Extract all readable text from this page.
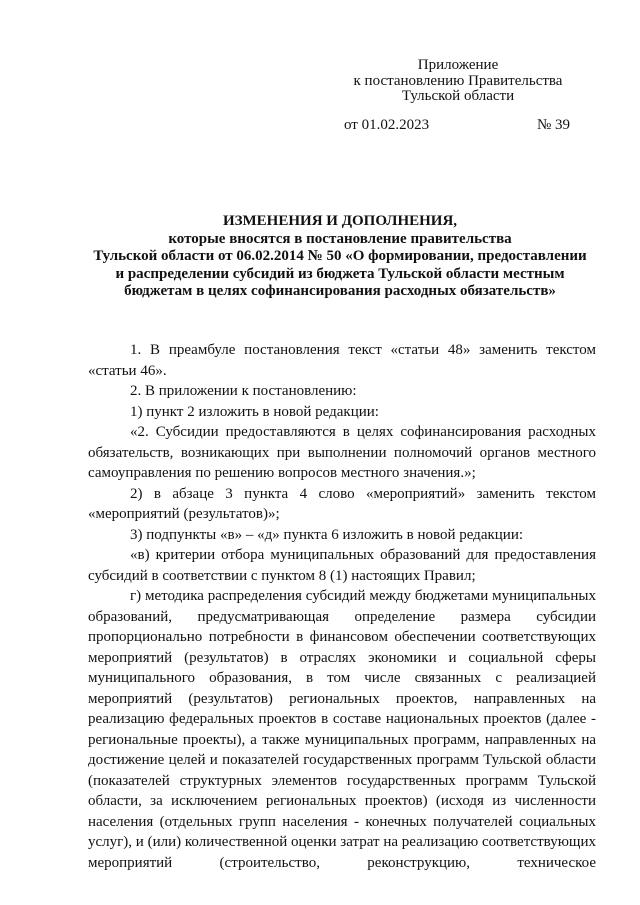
Приложение
к постановлению Правительства
Тульской области
от 01.02.2023	№ 39
ИЗМЕНЕНИЯ И ДОПОЛНЕНИЯ,
которые вносятся в постановление правительства
Тульской области от 06.02.2014 № 50 «О формировании, предоставлении
и распределении субсидий из бюджета Тульской области местным
бюджетам в целях софинансирования расходных обязательств»

1. В преамбуле постановления текст «статьи 48» заменить текстом «статьи 46».

2. В приложении к постановлению:

1) пункт 2 изложить в новой редакции:

«2. Субсидии предоставляются в целях софинансирования расходных обязательств, возникающих при выполнении полномочий органов местного самоуправления по решению вопросов местного значения.»;

2) в абзаце 3 пункта 4 слово «мероприятий» заменить текстом «мероприятий (результатов)»;

3) подпункты «в» – «д» пункта 6 изложить в новой редакции:

«в) критерии отбора муниципальных образований для предоставления субсидий в соответствии с пунктом 8 (1) настоящих Правил;

г) методика распределения субсидий между бюджетами муниципальных образований, предусматривающая определение размера субсидии пропорционально потребности в финансовом обеспечении соответствующих мероприятий (результатов) в отраслях экономики и социальной сферы муниципального образования, в том числе связанных с реализацией мероприятий (результатов) региональных проектов, направленных на реализацию федеральных проектов в составе национальных проектов (далее - региональные проекты), а также муниципальных программ, направленных на достижение целей и показателей государственных программ Тульской области (показателей структурных элементов государственных программ Тульской области, за исключением региональных проектов) (исходя из численности населения (отдельных групп населения - конечных получателей социальных услуг), и (или) количественной оценки затрат на реализацию соответствующих мероприятий (строительство, реконструкцию, техническое
